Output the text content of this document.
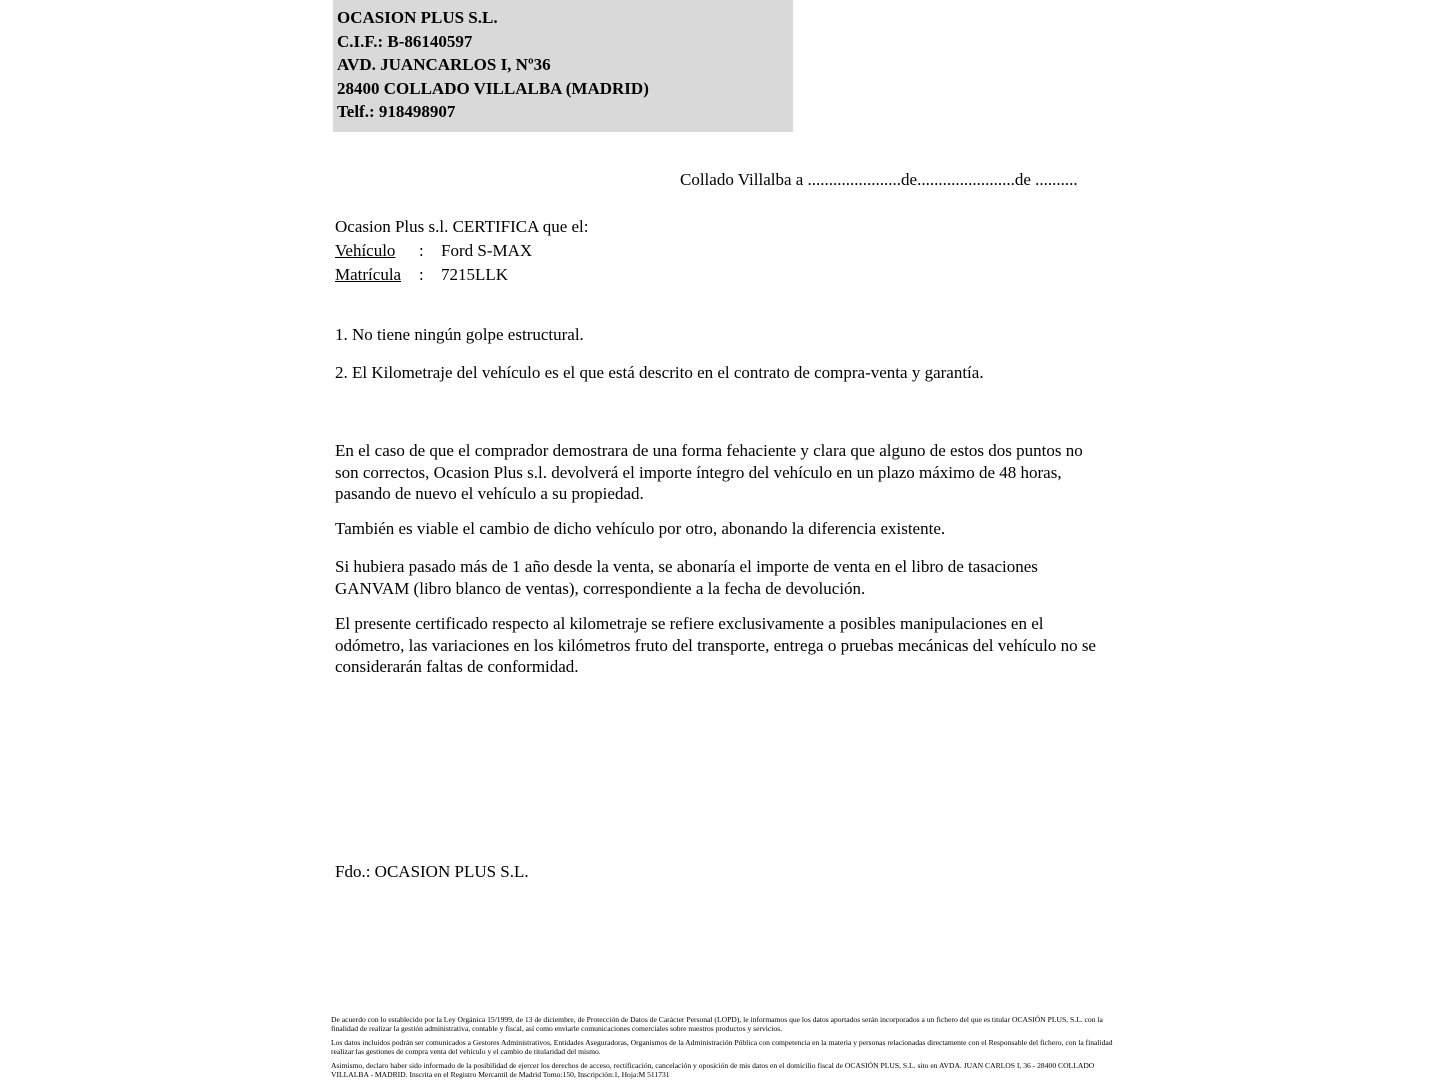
OCASION PLUS S.L.
C.I.F.: B-86140597
AVD. JUANCARLOS I, Nº36
28400 COLLADO VILLALBA (MADRID)
Telf.: 918498907
Collado Villalba a ......................de.......................de ..........
Ocasion Plus s.l. CERTIFICA que el:
Vehículo	:	Ford S-MAX
Matrícula	:	7215LLK
1. No tiene ningún golpe estructural.
2. El Kilometraje del vehículo es el que está descrito en el contrato de compra-venta y garantía.
En el caso de que el comprador demostrara de una forma fehaciente y clara que alguno de estos dos puntos no son correctos, Ocasion Plus s.l. devolverá el importe íntegro del vehículo en un plazo máximo de 48 horas, pasando de nuevo el vehículo a su propiedad.
También es viable el cambio de dicho vehículo por otro, abonando la diferencia existente.
Si hubiera pasado más de 1 año desde la venta, se abonaría el importe de venta en el libro de tasaciones GANVAM (libro blanco de ventas), correspondiente a la fecha de devolución.
El presente certificado respecto al kilometraje se refiere exclusivamente a posibles manipulaciones en el odómetro, las variaciones en los kilómetros fruto del transporte, entrega o pruebas mecánicas del vehículo no se considerarán faltas de conformidad.
Fdo.: OCASION PLUS S.L.

De acuerdo con lo establecido por la Ley Orgánica 15/1999, de 13 de diciembre, de Protección de Datos de Carácter Personal (LOPD), le informamos que los datos aportados serán incorporados a un fichero del que es titular OCASIÓN PLUS, S.L. con la finalidad de realizar la gestión administrativa, contable y fiscal, así como enviarle comunicaciones comerciales sobre nuestros productos y servicios.

Los datos incluidos podrán ser comunicados a Gestores Administrativos, Entidades Aseguradoras, Organismos de la Administración Pública con competencia en la materia y personas relacionadas directamente con el Responsable del fichero, con la finalidad realizar las gestiones de compra venta del vehículo y el cambio de titularidad del mismo.

Asimismo, declaro haber sido informado de la posibilidad de ejercer los derechos de acceso, rectificación, cancelación y oposición de mis datos en el domicilio fiscal de OCASIÓN PLUS, S.L. sito en AVDA. JUAN CARLOS I, 36 - 28400 COLLADO VILLALBA - MADRID. Inscrita en el Registro Mercantil de Madrid Tomo:150, Inscripción:1, Hoja:M 511731
